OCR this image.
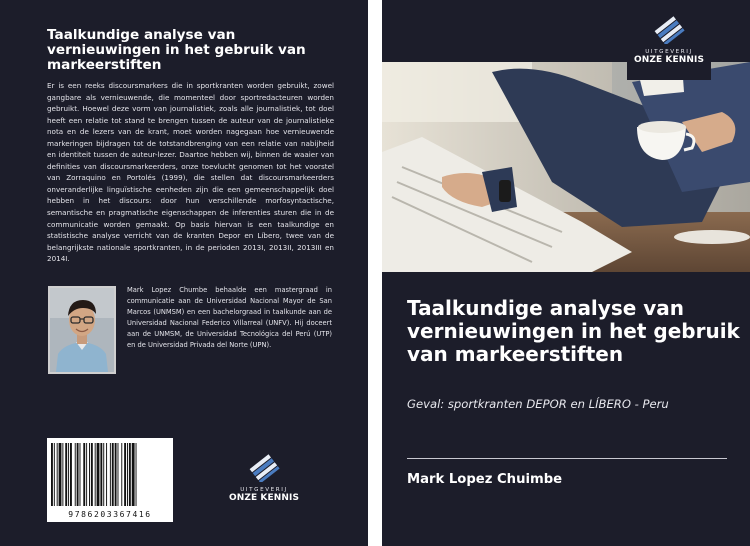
Taalkundige analyse van vernieuwingen in het gebruik van markeerstiften
Er is een reeks discoursmarkers die in sportkranten worden gebruikt, zowel gangbare als vernieuwende, die momenteel door sportredacteuren worden gebruikt. Hoewel deze vorm van journalistiek, zoals alle journalistiek, tot doel heeft een relatie tot stand te brengen tussen de auteur van de journalistieke nota en de lezers van de krant, moet worden nagegaan hoe vernieuwende markeringen bijdragen tot de totstandbrenging van een relatie van nabijheid en identiteit tussen de auteur-lezer. Daartoe hebben wij, binnen de waaier van definities van discoursmarkeerders, onze toevlucht genomen tot het voorstel van Zorraquino en Portolés (1999), die stellen dat discoursmarkeerders onveranderlijke linguïstische eenheden zijn die een gemeenschappelijk doel hebben in het discours: door hun verschillende morfosyntactische, semantische en pragmatische eigenschappen de inferenties sturen die in de communicatie worden gemaakt. Op basis hiervan is een taalkundige en statistische analyse verricht van de kranten Depor en Líbero, twee van de belangrijkste nationale sportkranten, in de perioden 2013I, 2013II, 2013III en 2014I.
Mark Lopez Chumbe behaalde een mastergraad in communicatie aan de Universidad Nacional Mayor de San Marcos (UNMSM) en een bachelorgraad in taalkunde aan de Universidad Nacional Federico Villarreal (UNFV). Hij doceert aan de UNMSM, de Universidad Tecnológica del Perú (UTP) en de Universidad Privada del Norte (UPN).
9786203367416
UITGEVERIJ
ONZE KENNIS
UITGEVERIJ
ONZE KENNIS
Taalkundige analyse van vernieuwingen in het gebruik van markeerstiften
Geval: sportkranten DEPOR en LÍBERO - Peru
Mark Lopez Chuimbe
